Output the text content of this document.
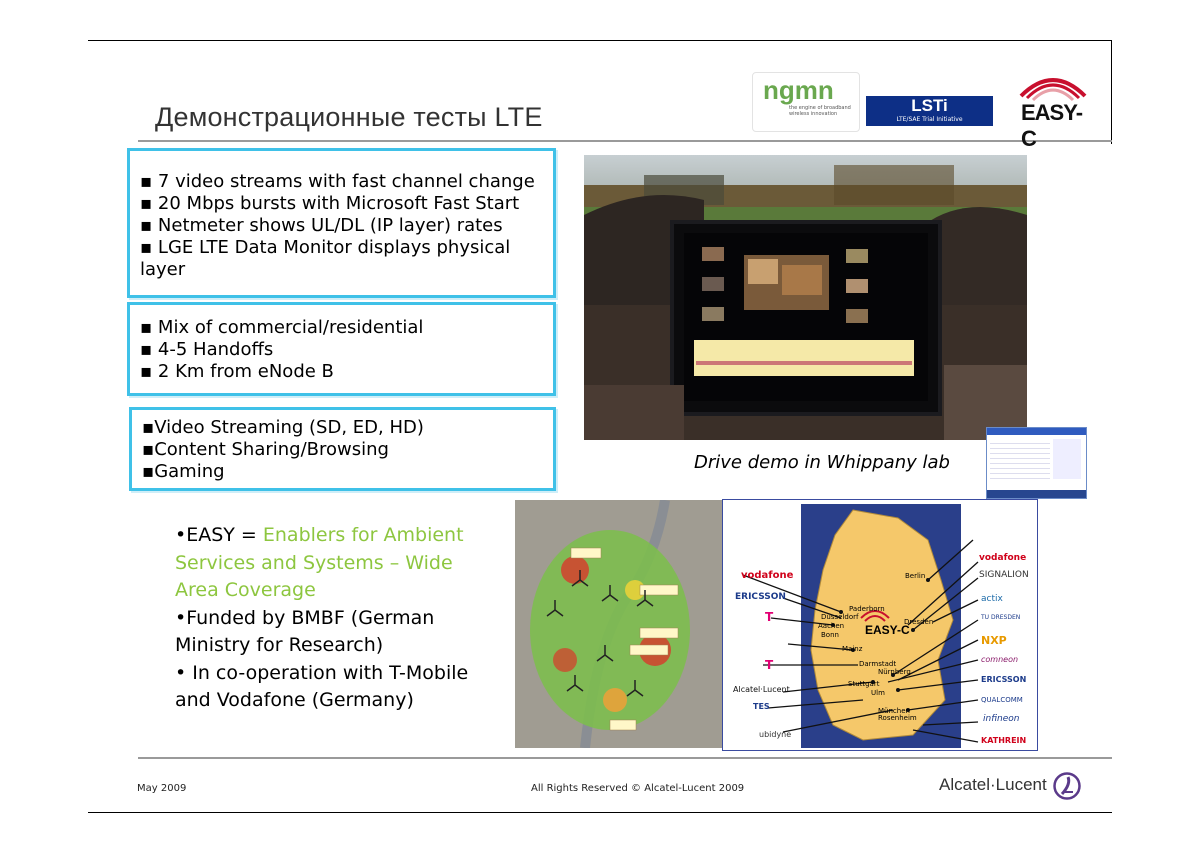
Демонстрационные тесты LTE
ngmn
the engine of broadband wireless innovation	LSTi
LTE/SAE Trial Initiative	EASY-C
▪ 7 video streams with fast channel change
▪ 20 Mbps bursts with Microsoft Fast Start
▪ Netmeter shows UL/DL (IP layer) rates
▪ LGE LTE Data Monitor displays physical
layer
▪ Mix of commercial/residential
▪ 4-5 Handoffs
▪ 2 Km from eNode B
▪Video Streaming (SD, ED, HD)
▪Content Sharing/Browsing
▪Gaming
•EASY = Enablers for Ambient Services and Systems – Wide Area Coverage
•Funded by BMBF (German Ministry for Research)
• In co-operation with T-Mobile and Vodafone (Germany)
Drive demo in Whippany lab
Berlin
Paderborn
Düsseldorf
Aachen
Bonn
Dresden
Mainz
Darmstadt
Nürnberg
Stuttgart
Ulm
München
Rosenheim
EASY-C
vodafone
ERICSSON
T
T
Alcatel·Lucent
TES
ubidyne
vodafone
SIGNALION
actix
TU DRESDEN
NXP
comneon
ERICSSON
QUALCOMM
infineon
KATHREIN
May 2009	All Rights Reserved © Alcatel-Lucent 2009	Alcatel·Lucent
